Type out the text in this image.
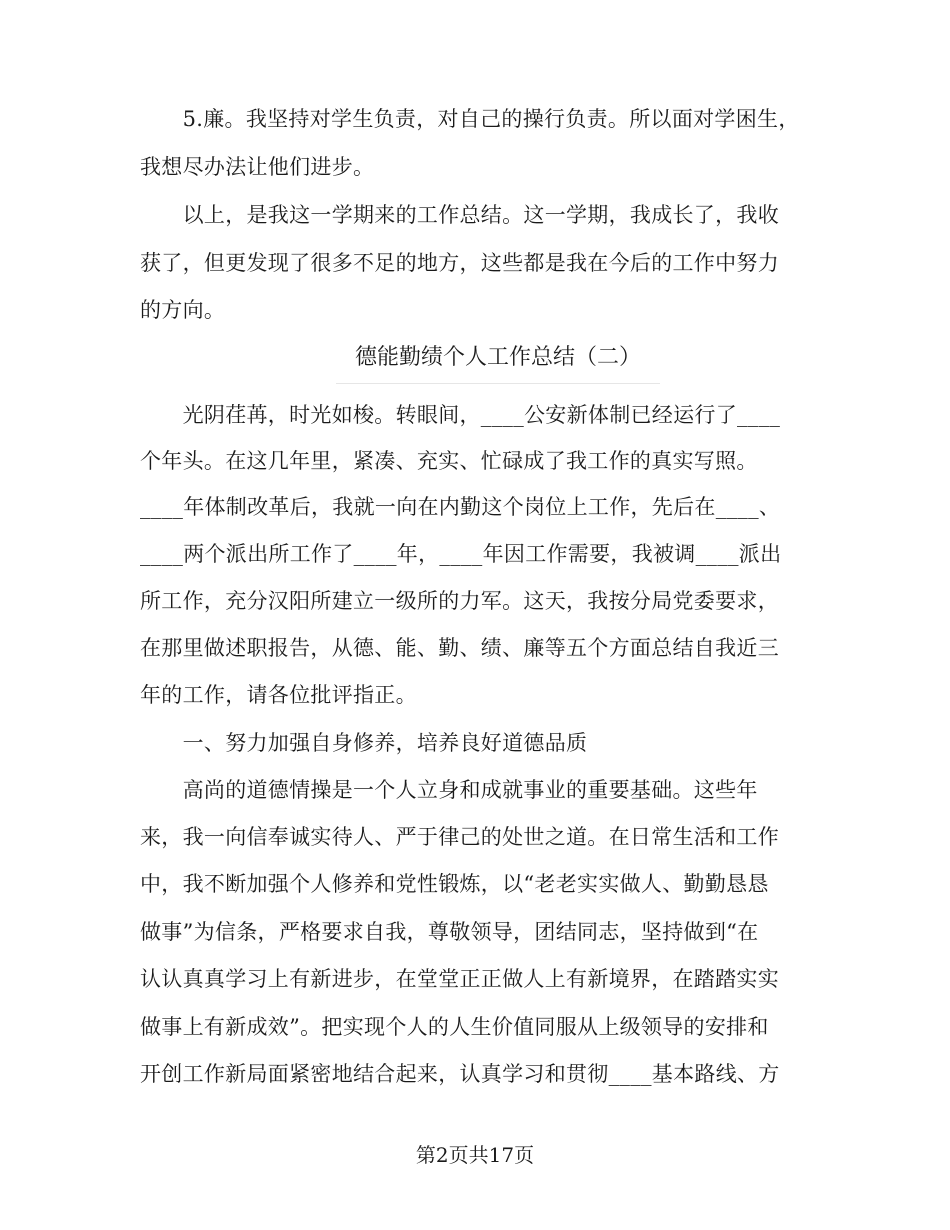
　　5.廉。我坚持对学生负责，对自己的操行负责。所以面对学困生，
我想尽办法让他们进步。
　　以上，是我这一学期来的工作总结。这一学期，我成长了，我收
获了，但更发现了很多不足的地方，这些都是我在今后的工作中努力
的方向。
德能勤绩个人工作总结（二）
　　光阴荏苒，时光如梭。转眼间，____公安新体制已经运行了____
个年头。在这几年里，紧凑、充实、忙碌成了我工作的真实写照。
____年体制改革后，我就一向在内勤这个岗位上工作，先后在____、
____两个派出所工作了____年，____年因工作需要，我被调____派出
所工作，充分汉阳所建立一级所的力军。这天，我按分局党委要求，
在那里做述职报告，从德、能、勤、绩、廉等五个方面总结自我近三
年的工作，请各位批评指正。
　　一、努力加强自身修养，培养良好道德品质
　　高尚的道德情操是一个人立身和成就事业的重要基础。这些年
来，我一向信奉诚实待人、严于律己的处世之道。在日常生活和工作
中，我不断加强个人修养和党性锻炼，以“老老实实做人、勤勤恳恳
做事”为信条，严格要求自我，尊敬领导，团结同志，坚持做到“在
认认真真学习上有新进步，在堂堂正正做人上有新境界，在踏踏实实
做事上有新成效”。把实现个人的人生价值同服从上级领导的安排和
开创工作新局面紧密地结合起来，认真学习和贯彻____基本路线、方
第2页共17页
